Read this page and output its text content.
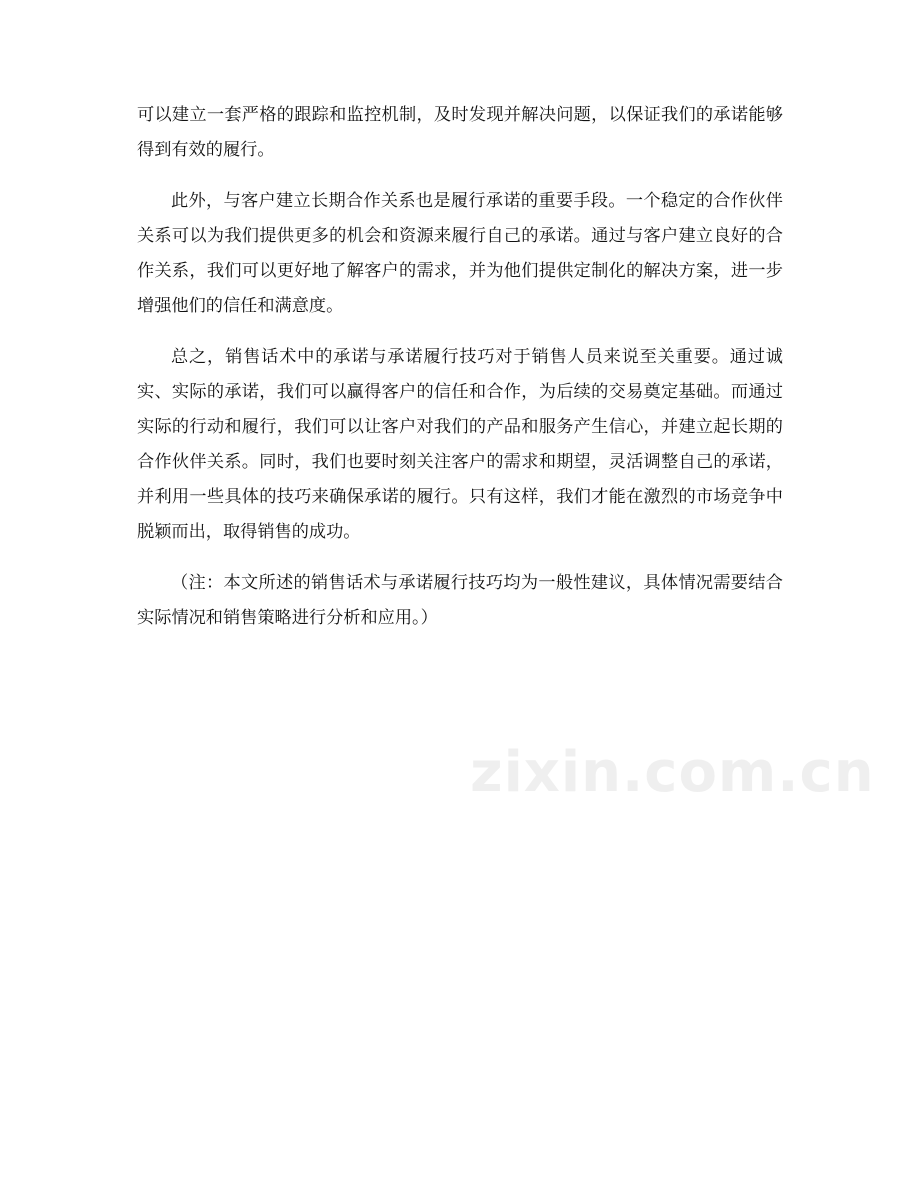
可以建立一套严格的跟踪和监控机制，及时发现并解决问题，以保证我们的承诺能够得到有效的履行。

此外，与客户建立长期合作关系也是履行承诺的重要手段。一个稳定的合作伙伴关系可以为我们提供更多的机会和资源来履行自己的承诺。通过与客户建立良好的合作关系，我们可以更好地了解客户的需求，并为他们提供定制化的解决方案，进一步增强他们的信任和满意度。

总之，销售话术中的承诺与承诺履行技巧对于销售人员来说至关重要。通过诚实、实际的承诺，我们可以赢得客户的信任和合作，为后续的交易奠定基础。而通过实际的行动和履行，我们可以让客户对我们的产品和服务产生信心，并建立起长期的合作伙伴关系。同时，我们也要时刻关注客户的需求和期望，灵活调整自己的承诺，并利用一些具体的技巧来确保承诺的履行。只有这样，我们才能在激烈的市场竞争中脱颖而出，取得销售的成功。

（注：本文所述的销售话术与承诺履行技巧均为一般性建议，具体情况需要结合实际情况和销售策略进行分析和应用。）

zixin.com.cn
